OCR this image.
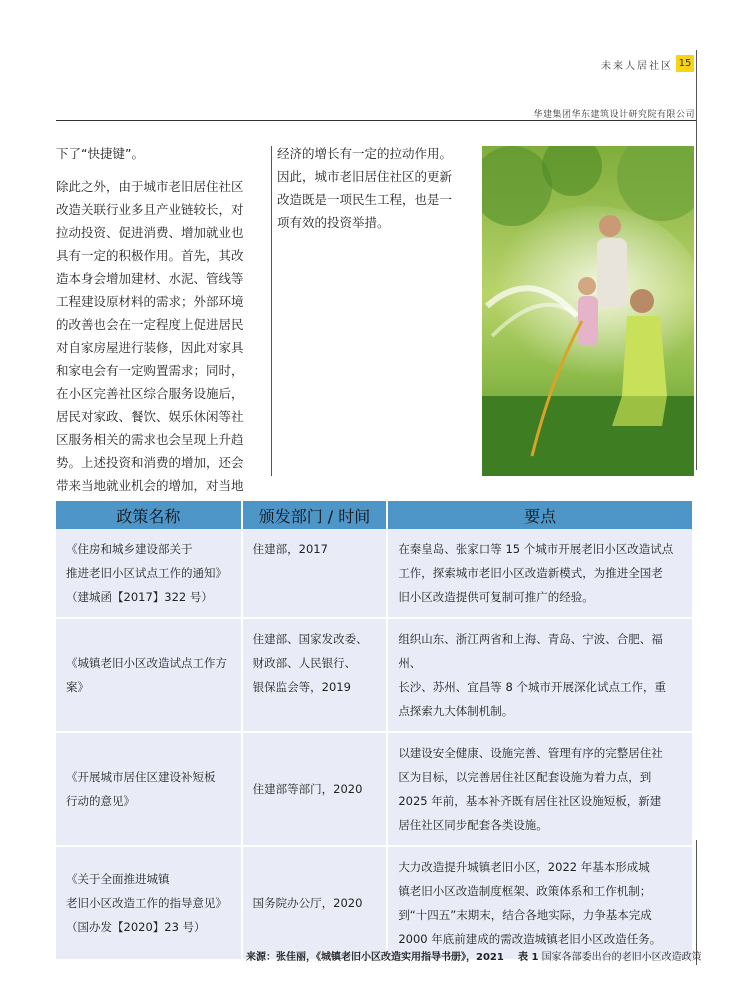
未来人居社区 15
华建集团华东建筑设计研究院有限公司

下了“快捷键”。

除此之外，由于城市老旧居住社区

改造关联行业多且产业链较长，对

拉动投资、促进消费、增加就业也

具有一定的积极作用。首先，其改

造本身会增加建材、水泥、管线等

工程建设原材料的需求；外部环境

的改善也会在一定程度上促进居民

对自家房屋进行装修，因此对家具

和家电会有一定购置需求；同时，

在小区完善社区综合服务设施后，

居民对家政、餐饮、娱乐休闲等社

区服务相关的需求也会呈现上升趋

势。上述投资和消费的增加，还会

带来当地就业机会的增加，对当地

经济的增长有一定的拉动作用。

因此，城市老旧居住社区的更新

改造既是一项民生工程，也是一

项有效的投资举措。

政策名称	颁发部门 / 时间	要点

《住房和城乡建设部关于
推进老旧小区试点工作的通知》
（建城函【2017】322 号）	住建部，2017	在秦皇岛、张家口等 15 个城市开展老旧小区改造试点
工作，探索城市老旧小区改造新模式，为推进全国老
旧小区改造提供可复制可推广的经验。

《城镇老旧小区改造试点工作方案》	住建部、国家发改委、
财政部、人民银行、
银保监会等，2019	组织山东、浙江两省和上海、青岛、宁波、合肥、福州、
长沙、苏州、宜昌等 8 个城市开展深化试点工作，重
点探索九大体制机制。

《开展城市居住区建设补短板
行动的意见》	住建部等部门，2020	以建设安全健康、设施完善、管理有序的完整居住社
区为目标，以完善居住社区配套设施为着力点，到
2025 年前，基本补齐既有居住社区设施短板，新建
居住社区同步配套各类设施。

《关于全面推进城镇
老旧小区改造工作的指导意见》
（国办发【2020】23 号）	国务院办公厅，2020	大力改造提升城镇老旧小区，2022 年基本形成城
镇老旧小区改造制度框架、政策体系和工作机制；
到“十四五”末期末，结合各地实际，力争基本完成
2000 年底前建成的需改造城镇老旧小区改造任务。
来源：张佳丽，《城镇老旧小区改造实用指导书册》，2021 表 1 国家各部委出台的老旧小区改造政策
